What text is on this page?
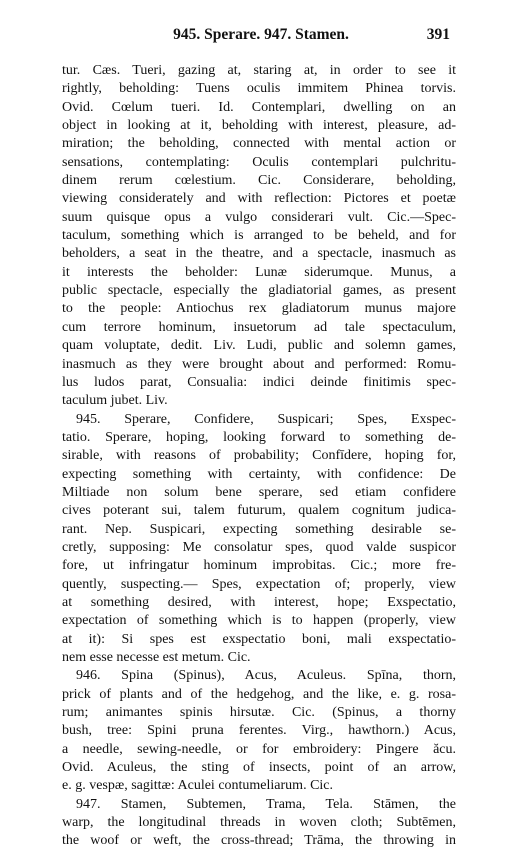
945. Sperare. 947. Stamen.	391
tur. Cæs. Tueri, gazing at, staring at, in order to see it
rightly, beholding: Tuens oculis immitem Phinea torvis.
Ovid. Cœlum tueri. Id. Contemplari, dwelling on an
object in looking at it, beholding with interest, pleasure, ad-
miration; the beholding, connected with mental action or
sensations, contemplating: Oculis contemplari pulchritu-
dinem rerum cœlestium. Cic. Considerare, beholding,
viewing considerately and with reflection: Pictores et poetæ
suum quisque opus a vulgo considerari vult. Cic.—Spec-
taculum, something which is arranged to be beheld, and for
beholders, a seat in the theatre, and a spectacle, inasmuch as
it interests the beholder: Lunæ siderumque. Munus, a
public spectacle, especially the gladiatorial games, as present
to the people: Antiochus rex gladiatorum munus majore
cum terrore hominum, insuetorum ad tale spectaculum,
quam voluptate, dedit. Liv. Ludi, public and solemn games,
inasmuch as they were brought about and performed: Romu-
lus ludos parat, Consualia: indici deinde finitimis spec-
taculum jubet. Liv.
945. Sperare, Confidere, Suspicari; Spes, Exspec-
tatio. Sperare, hoping, looking forward to something de-
sirable, with reasons of probability; Confīdere, hoping for,
expecting something with certainty, with confidence: De
Miltiade non solum bene sperare, sed etiam confidere
cives poterant sui, talem futurum, qualem cognitum judica-
rant. Nep. Suspicari, expecting something desirable se-
cretly, supposing: Me consolatur spes, quod valde suspicor
fore, ut infringatur hominum improbitas. Cic.; more fre-
quently, suspecting.— Spes, expectation of; properly, view
at something desired, with interest, hope; Exspectatio,
expectation of something which is to happen (properly, view
at it): Si spes est exspectatio boni, mali exspectatio-
nem esse necesse est metum. Cic.
946. Spina (Spinus), Acus, Aculeus. Spīna, thorn,
prick of plants and of the hedgehog, and the like, e. g. rosa-
rum; animantes spinis hirsutæ. Cic. (Spinus, a thorny
bush, tree: Spini pruna ferentes. Virg., hawthorn.) Acus,
a needle, sewing-needle, or for embroidery: Pingere ăcu.
Ovid. Aculeus, the sting of insects, point of an arrow,
e. g. vespæ, sagittæ: Aculei contumeliarum. Cic.
947. Stamen, Subtemen, Trama, Tela. Stāmen, the
warp, the longitudinal threads in woven cloth; Subtēmen,
the woof or weft, the cross-thread; Trāma, the throwing in
